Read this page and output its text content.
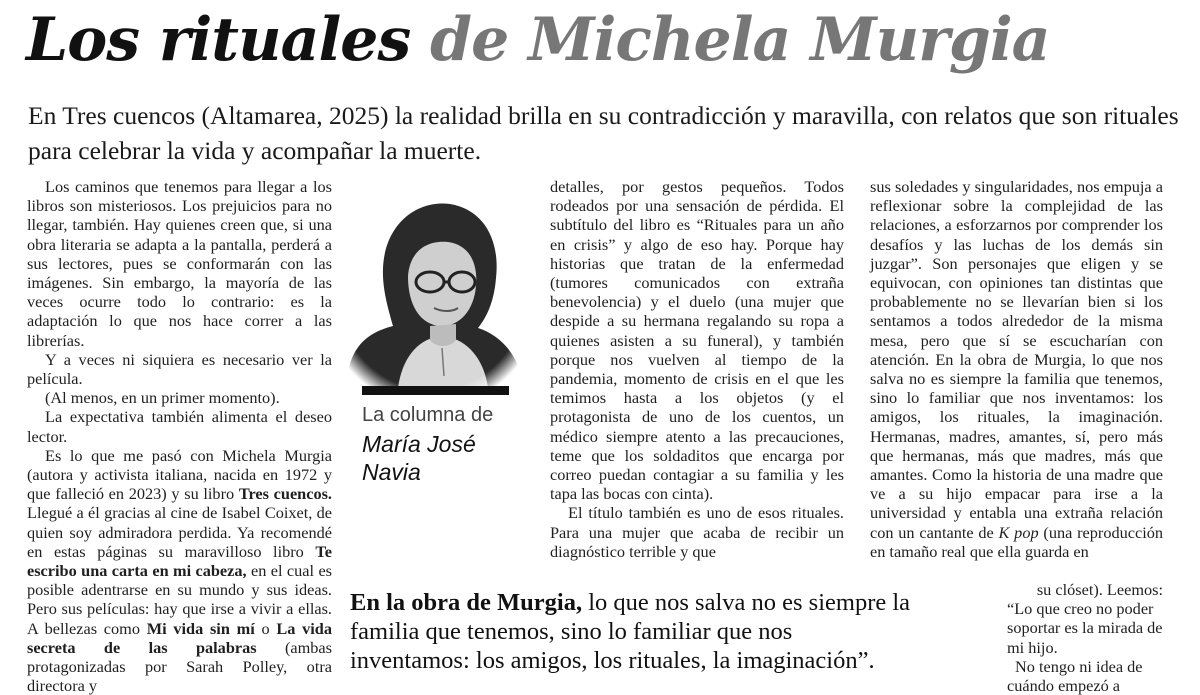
Los rituales de Michela Murgia

En Tres cuencos (Altamarea, 2025) la realidad brilla en su contradicción y maravilla, con relatos que son rituales para celebrar la vida y acompañar la muerte.

Los caminos que tenemos para llegar a los libros son misteriosos. Los prejuicios para no llegar, también. Hay quienes creen que, si una obra literaria se adapta a la pantalla, perderá a sus lectores, pues se conformarán con las imágenes. Sin embargo, la mayoría de las veces ocurre todo lo contrario: es la adaptación lo que nos hace correr a las librerías.

Y a veces ni siquiera es necesario ver la película.

(Al menos, en un primer momento).

La expectativa también alimenta el deseo lector.

Es lo que me pasó con Michela Murgia (autora y activista italiana, nacida en 1972 y que falleció en 2023) y su libro Tres cuencos. Llegué a él gracias al cine de Isabel Coixet, de quien soy admiradora perdida. Ya recomendé en estas páginas su maravilloso libro Te escribo una carta en mi cabeza, en el cual es posible adentrarse en su mundo y sus ideas. Pero sus películas: hay que irse a vivir a ellas. A bellezas como Mi vida sin mí o La vida secreta de las palabras (ambas protagonizadas por Sarah Polley, otra directora y

La columna de
María José
Navia

detalles, por gestos pequeños. Todos rodeados por una sensación de pérdida. El subtítulo del libro es “Rituales para un año en crisis” y algo de eso hay. Porque hay historias que tratan de la enfermedad (tumores comunicados con extraña benevolencia) y el duelo (una mujer que despide a su hermana regalando su ropa a quienes asisten a su funeral), y también porque nos vuelven al tiempo de la pandemia, momento de crisis en el que les temimos hasta a los objetos (y el protagonista de uno de los cuentos, un médico siempre atento a las precauciones, teme que los soldaditos que encarga por correo puedan contagiar a su familia y les tapa las bocas con cinta).

El título también es uno de esos rituales. Para una mujer que acaba de recibir un diagnóstico terrible y que

sus soledades y singularidades, nos empuja a reflexionar sobre la complejidad de las relaciones, a esforzarnos por comprender los desafíos y las luchas de los demás sin juzgar”. Son personajes que eligen y se equivocan, con opiniones tan distintas que probablemente no se llevarían bien si los sentamos a todos alrededor de la misma mesa, pero que sí se escucharían con atención. En la obra de Murgia, lo que nos salva no es siempre la familia que tenemos, sino lo familiar que nos inventamos: los amigos, los rituales, la imaginación. Hermanas, madres, amantes, sí, pero más que hermanas, más que madres, más que amantes. Como la historia de una madre que ve a su hijo empacar para irse a la universidad y entabla una extraña relación con un cantante de K pop (una reproducción en tamaño real que ella guarda en

su clóset). Leemos:

“Lo que creo no poder soportar es la mirada de mi hijo.

No tengo ni idea de cuándo empezó a

En la obra de Murgia, lo que nos salva no es siempre la
familia que tenemos, sino lo familiar que nos
inventamos: los amigos, los rituales, la imaginación”.
